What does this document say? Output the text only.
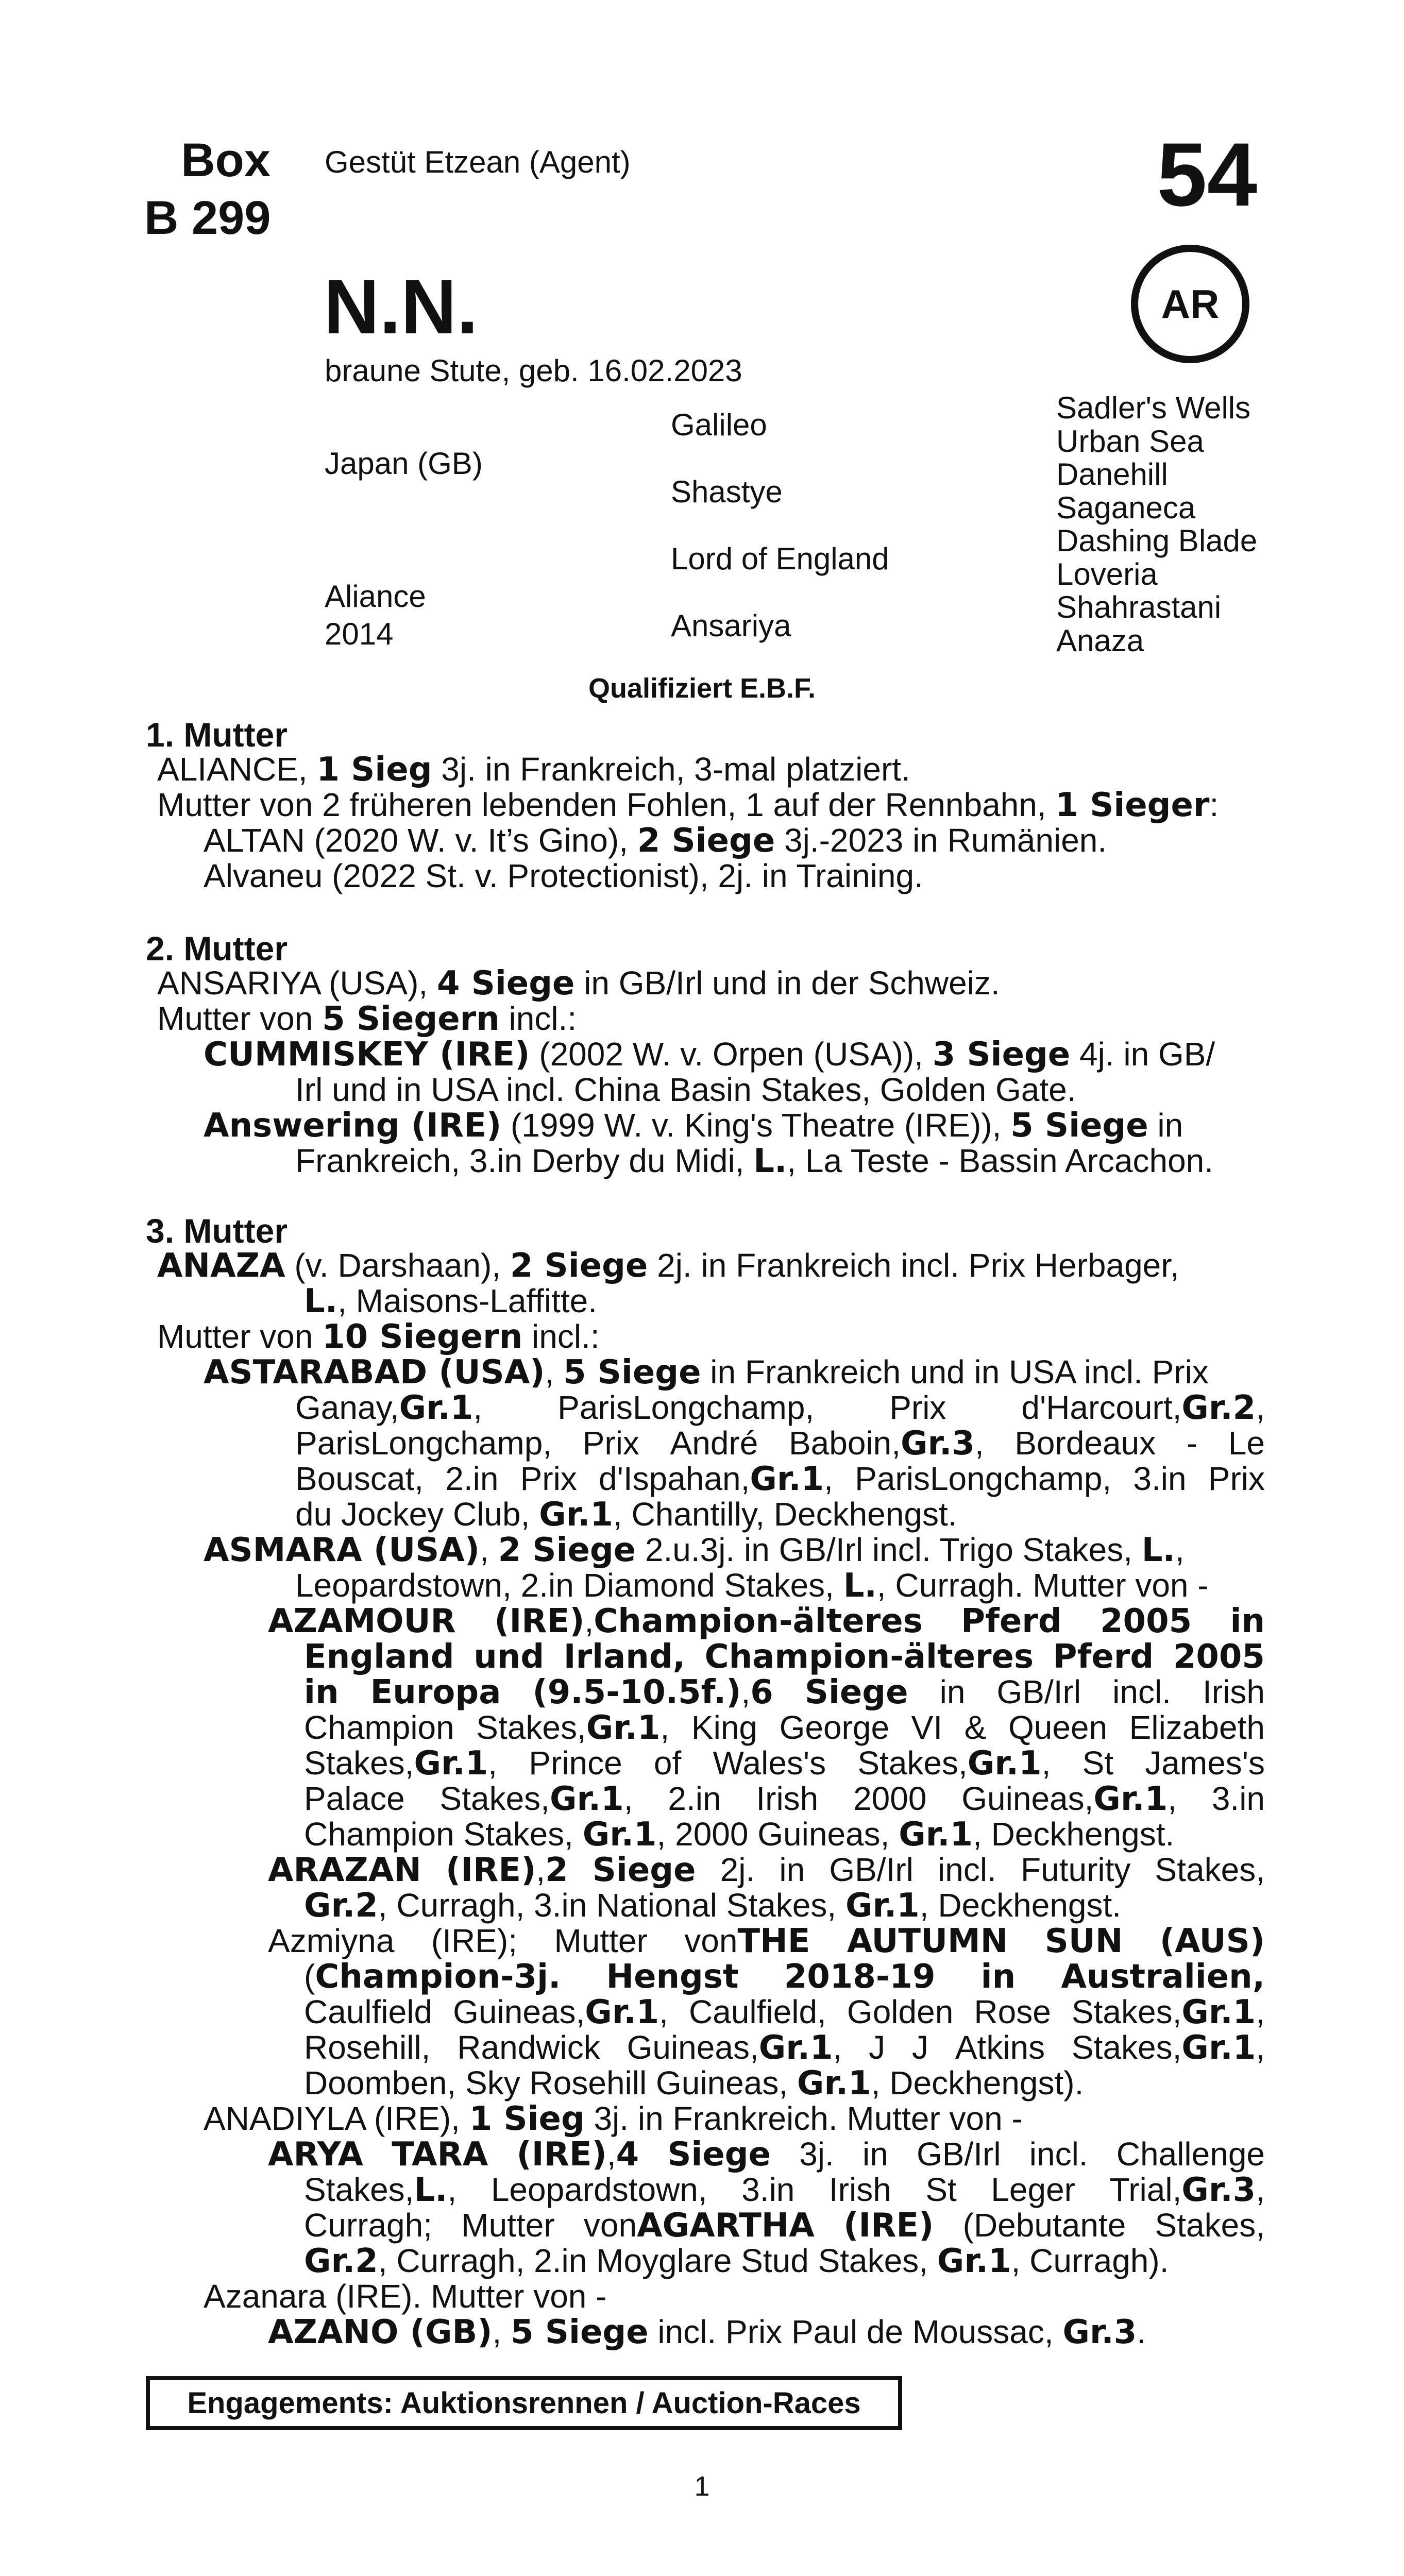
Box
B 299
Gestüt Etzean (Agent)	54
N.N.
braune Stute, geb. 16.02.2023
AR
Japan (GB)
Aliance
2014
Galileo
Shastye
Lord of England
Ansariya
Sadler's Wells
Urban Sea
Danehill
Saganeca
Dashing Blade
Loveria
Shahrastani
Anaza
Qualifiziert E.B.F.
1. Mutter
ALIANCE, 1 Sieg 3j. in Frankreich, 3-mal platziert.
Mutter von 2 früheren lebenden Fohlen, 1 auf der Rennbahn, 1 Sieger:
ALTAN (2020 W. v. It’s Gino), 2 Siege 3j.-2023 in Rumänien.
Alvaneu (2022 St. v. Protectionist), 2j. in Training.
2. Mutter
ANSARIYA (USA), 4 Siege in GB/Irl und in der Schweiz.
Mutter von 5 Siegern incl.:
CUMMISKEY (IRE) (2002 W. v. Orpen (USA)), 3 Siege 4j. in GB/
Irl und in USA incl. China Basin Stakes, Golden Gate.
Answering (IRE) (1999 W. v. King's Theatre (IRE)), 5 Siege in
Frankreich, 3.in Derby du Midi, L., La Teste - Bassin Arcachon.
3. Mutter
ANAZA (v. Darshaan), 2 Siege 2j. in Frankreich incl. Prix Herbager,
L., Maisons-Laffitte.
Mutter von 10 Siegern incl.:
ASTARABAD (USA), 5 Siege in Frankreich und in USA incl. Prix
Ganay,Gr.1, ParisLongchamp, Prix d'Harcourt,Gr.2,
ParisLongchamp, Prix André Baboin,Gr.3, Bordeaux - Le
Bouscat, 2.in Prix d'Ispahan,Gr.1, ParisLongchamp, 3.in Prix
du Jockey Club, Gr.1, Chantilly, Deckhengst.
ASMARA (USA), 2 Siege 2.u.3j. in GB/Irl incl. Trigo Stakes, L.,
Leopardstown, 2.in Diamond Stakes, L., Curragh. Mutter von -
AZAMOUR (IRE),Champion-älteres Pferd 2005 in
England und Irland, Champion-älteres Pferd 2005
in Europa (9.5-10.5f.),6 Siege in GB/Irl incl. Irish
Champion Stakes,Gr.1, King George VI & Queen Elizabeth
Stakes,Gr.1, Prince of Wales's Stakes,Gr.1, St James's
Palace Stakes,Gr.1, 2.in Irish 2000 Guineas,Gr.1, 3.in
Champion Stakes, Gr.1, 2000 Guineas, Gr.1, Deckhengst.
ARAZAN (IRE),2 Siege 2j. in GB/Irl incl. Futurity Stakes,
Gr.2, Curragh, 3.in National Stakes, Gr.1, Deckhengst.
Azmiyna (IRE); Mutter vonTHE AUTUMN SUN (AUS)
(Champion-3j. Hengst 2018-19 in Australien,
Caulfield Guineas,Gr.1, Caulfield, Golden Rose Stakes,Gr.1,
Rosehill, Randwick Guineas,Gr.1, J J Atkins Stakes,Gr.1,
Doomben, Sky Rosehill Guineas, Gr.1, Deckhengst).
ANADIYLA (IRE), 1 Sieg 3j. in Frankreich. Mutter von -
ARYA TARA (IRE),4 Siege 3j. in GB/Irl incl. Challenge
Stakes,L., Leopardstown, 3.in Irish St Leger Trial,Gr.3,
Curragh; Mutter vonAGARTHA (IRE) (Debutante Stakes,
Gr.2, Curragh, 2.in Moyglare Stud Stakes, Gr.1, Curragh).
Azanara (IRE). Mutter von -
AZANO (GB), 5 Siege incl. Prix Paul de Moussac, Gr.3.
Engagements: Auktionsrennen / Auction-Races
1
